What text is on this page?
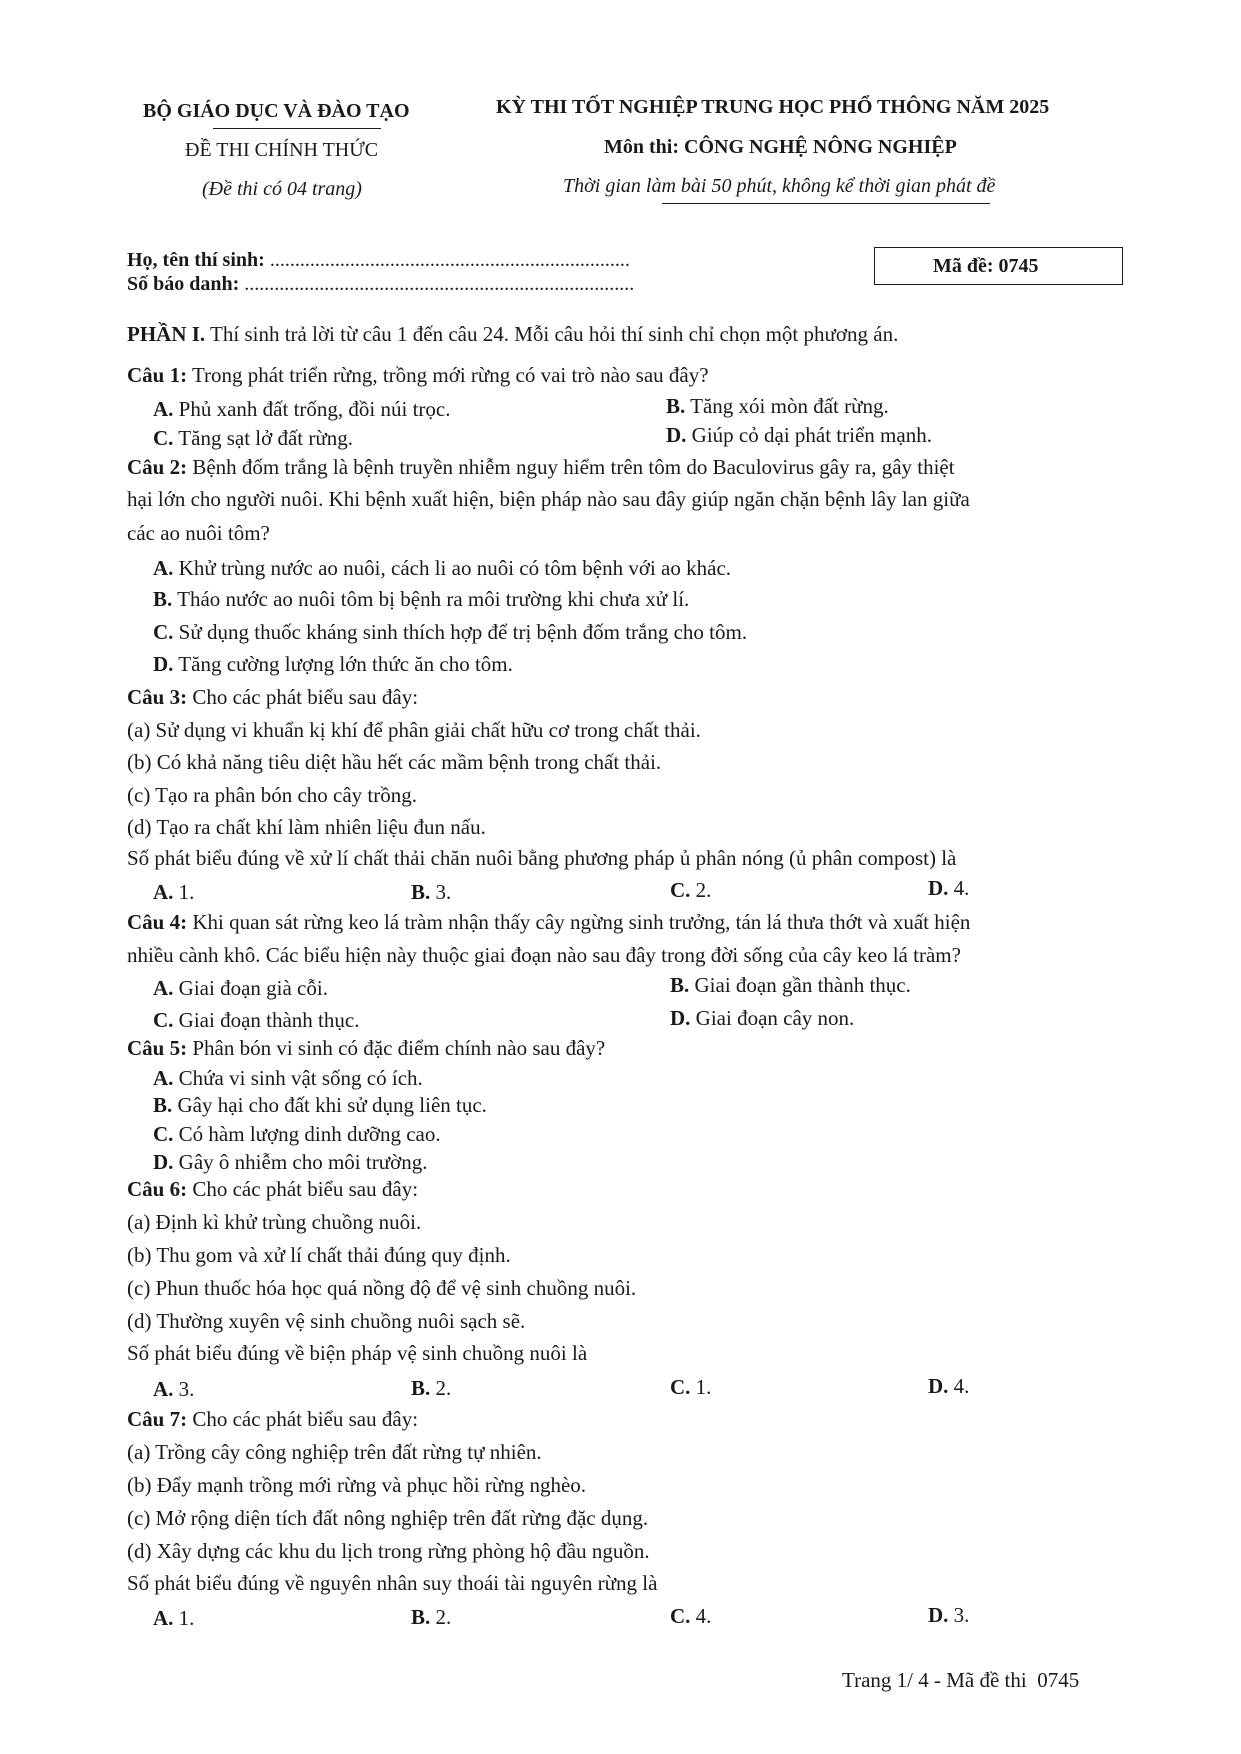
BỘ GIÁO DỤC VÀ ĐÀO TẠO
ĐỀ THI CHÍNH THỨC
(Đề thi có 04 trang)
KỲ THI TỐT NGHIỆP TRUNG HỌC PHỔ THÔNG NĂM 2025
Môn thi: CÔNG NGHỆ NÔNG NGHIỆP
Thời gian làm bài 50 phút, không kể thời gian phát đề
Họ, tên thí sinh: ........................................................................
Số báo danh: ..............................................................................
Mã đề: 0745
PHẦN I. Thí sinh trả lời từ câu 1 đến câu 24. Mỗi câu hỏi thí sinh chỉ chọn một phương án.
Câu 1: Trong phát triển rừng, trồng mới rừng có vai trò nào sau đây?
A. Phủ xanh đất trống, đồi núi trọc.	B. Tăng xói mòn đất rừng.
C. Tăng sạt lở đất rừng.	D. Giúp cỏ dại phát triển mạnh.
Câu 2: Bệnh đốm trắng là bệnh truyền nhiễm nguy hiểm trên tôm do Baculovirus gây ra, gây thiệt
hại lớn cho người nuôi. Khi bệnh xuất hiện, biện pháp nào sau đây giúp ngăn chặn bệnh lây lan giữa
các ao nuôi tôm?
A. Khử trùng nước ao nuôi, cách li ao nuôi có tôm bệnh với ao khác.
B. Tháo nước ao nuôi tôm bị bệnh ra môi trường khi chưa xử lí.
C. Sử dụng thuốc kháng sinh thích hợp để trị bệnh đốm trắng cho tôm.
D. Tăng cường lượng lớn thức ăn cho tôm.
Câu 3: Cho các phát biểu sau đây:
(a) Sử dụng vi khuẩn kị khí để phân giải chất hữu cơ trong chất thải.
(b) Có khả năng tiêu diệt hầu hết các mầm bệnh trong chất thải.
(c) Tạo ra phân bón cho cây trồng.
(d) Tạo ra chất khí làm nhiên liệu đun nấu.
Số phát biểu đúng về xử lí chất thải chăn nuôi bằng phương pháp ủ phân nóng (ủ phân compost) là
A. 1.	B. 3.	C. 2.	D. 4.
Câu 4: Khi quan sát rừng keo lá tràm nhận thấy cây ngừng sinh trưởng, tán lá thưa thớt và xuất hiện
nhiều cành khô. Các biểu hiện này thuộc giai đoạn nào sau đây trong đời sống của cây keo lá tràm?
A. Giai đoạn già cỗi.	B. Giai đoạn gần thành thục.
C. Giai đoạn thành thục.	D. Giai đoạn cây non.
Câu 5: Phân bón vi sinh có đặc điểm chính nào sau đây?
A. Chứa vi sinh vật sống có ích.
B. Gây hại cho đất khi sử dụng liên tục.
C. Có hàm lượng dinh dưỡng cao.
D. Gây ô nhiễm cho môi trường.
Câu 6: Cho các phát biểu sau đây:
(a) Định kì khử trùng chuồng nuôi.
(b) Thu gom và xử lí chất thải đúng quy định.
(c) Phun thuốc hóa học quá nồng độ để vệ sinh chuồng nuôi.
(d) Thường xuyên vệ sinh chuồng nuôi sạch sẽ.
Số phát biểu đúng về biện pháp vệ sinh chuồng nuôi là
A. 3.	B. 2.	C. 1.	D. 4.
Câu 7: Cho các phát biểu sau đây:
(a) Trồng cây công nghiệp trên đất rừng tự nhiên.
(b) Đẩy mạnh trồng mới rừng và phục hồi rừng nghèo.
(c) Mở rộng diện tích đất nông nghiệp trên đất rừng đặc dụng.
(d) Xây dựng các khu du lịch trong rừng phòng hộ đầu nguồn.
Số phát biểu đúng về nguyên nhân suy thoái tài nguyên rừng là
A. 1.	B. 2.	C. 4.	D. 3.
Trang 1/ 4 - Mã đề thi 0745
